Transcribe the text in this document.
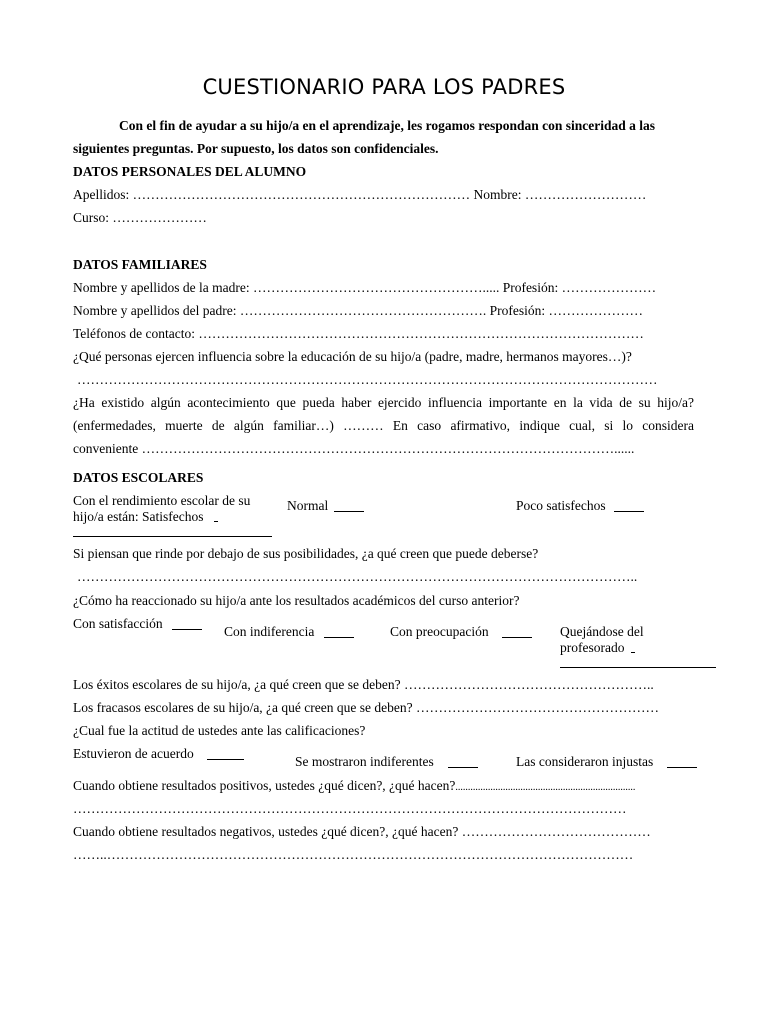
CUESTIONARIO PARA LOS PADRES
Con el fin de ayudar a su hijo/a en el aprendizaje, les rogamos respondan con sinceridad a las
siguientes preguntas. Por supuesto, los datos son confidenciales.
DATOS PERSONALES DEL ALUMNO
Apellidos: ………………………………………………………………… Nombre: ………………………
Curso: …………………
DATOS FAMILIARES
Nombre y apellidos de la madre: ……………………………………………..... Profesión: …………………
Nombre y apellidos del padre: ………………………………………………. Profesión: …………………
Teléfonos de contacto: ………………………………………………………………………………………
¿Qué personas ejercen influencia sobre la educación de su hijo/a (padre, madre, hermanos mayores…)?
…………………………………………………………………………………………………………………
¿Ha existido algún acontecimiento que pueda haber ejercido influencia importante en la vida de su hijo/a?
(enfermedades, muerte de algún familiar…) ……… En caso afirmativo, indique cual, si lo considera
conveniente ……………………………………………………………………………………………......
DATOS ESCOLARES
Con el rendimiento escolar de su
hijo/a están: Satisfechos
Normal	Poco satisfechos
Si piensan que rinde por debajo de sus posibilidades, ¿a qué creen que puede deberse?
……………………………………………………………………………………………………………..
¿Cómo ha reaccionado su hijo/a ante los resultados académicos del curso anterior?
Con satisfacción
Con indiferencia	Con preocupación	Quejándose del
profesorado
Los éxitos escolares de su hijo/a, ¿a qué creen que se deben? ………………………………………………..
Los fracasos escolares de su hijo/a, ¿a qué creen que se deben? ………………………………………………
¿Cual fue la actitud de ustedes ante las calificaciones?
Estuvieron de acuerdo
Se mostraron indiferentes	Las consideraron injustas
Cuando obtiene resultados positivos, ustedes ¿qué dicen?, ¿qué hacen?........................................................................
……………………………………………………………………………………………………………
Cuando obtiene resultados negativos, ustedes ¿qué dicen?, ¿qué hacen? ……………………………………
……..………………………………………………………………………………………………………
